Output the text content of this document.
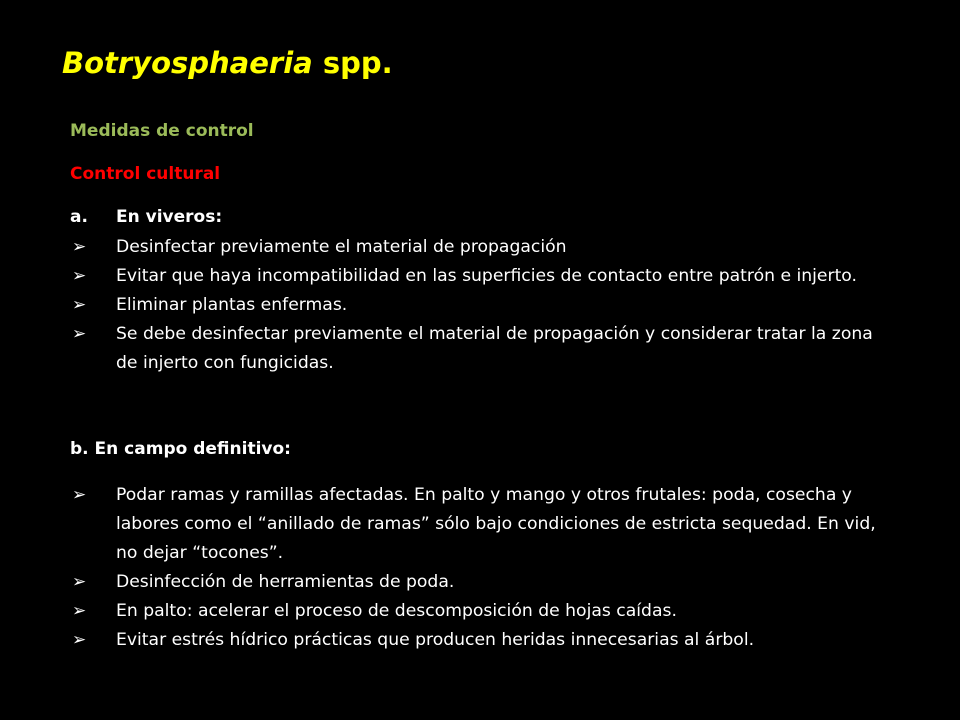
Botryosphaeria spp.
Medidas de control
Control cultural
a. En viveros:
➢ Desinfectar previamente el material de propagación
➢ Evitar que haya incompatibilidad en las superficies de contacto entre patrón e injerto.
➢ Eliminar plantas enfermas.
➢ Se debe desinfectar previamente el material de propagación y considerar tratar la zona de injerto con fungicidas.
b. En campo definitivo:
➢ Podar ramas y ramillas afectadas. En palto y mango y otros frutales: poda, cosecha y labores como el “anillado de ramas” sólo bajo condiciones de estricta sequedad. En vid, no dejar “tocones”.
➢ Desinfección de herramientas de poda.
➢ En palto: acelerar el proceso de descomposición de hojas caídas.
➢ Evitar estrés hídrico prácticas que producen heridas innecesarias al árbol.
